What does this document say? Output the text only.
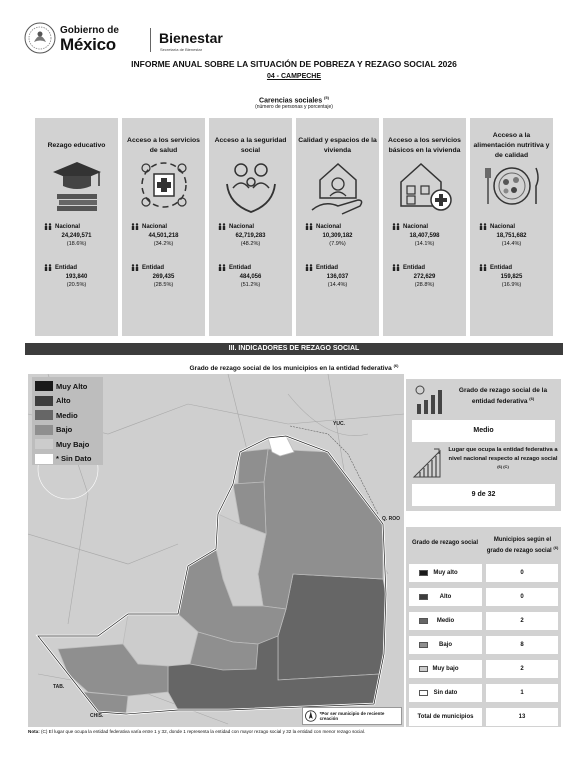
Gobierno de
México	Bienestar
Secretaría de Bienestar
INFORME ANUAL SOBRE LA SITUACIÓN DE POBREZA Y REZAGO SOCIAL 2026
04 - CAMPECHE
Carencias sociales $^{(5)}$
(número de personas y porcentaje)
Rezago educativo
Nacional
24,249,571
(18.6%)
Entidad
193,840
(20.5%)
Acceso a los servicios de salud
Nacional
44,501,218
(34.2%)
Entidad
269,435
(28.5%)
Acceso a la seguridad social
Nacional
62,719,283
(48.2%)
Entidad
484,056
(51.2%)
Calidad y espacios de la vivienda
Nacional
10,309,182
(7.9%)
Entidad
136,037
(14.4%)
Acceso a los servicios básicos en la vivienda
Nacional
18,407,598
(14.1%)
Entidad
272,629
(28.8%)
Acceso a la alimentación nutritiva y de calidad
Nacional
18,751,682
(14.4%)
Entidad
159,825
(16.9%)
III. INDICADORES DE REZAGO SOCIAL
Grado de rezago social de los municipios en la entidad federativa $^{(6)}$
YUC.
Q. ROO
TAB.
CHIS.
Muy Alto
Alto
Medio
Bajo
Muy Bajo
* Sin Dato
*Por ser municipio de reciente creación
Grado de rezago social de la entidad federativa $^{(6)}$
Medio
Lugar que ocupa la entidad federativa a nivel nacional respecto al rezago social $^{(6) (C)}$
9 de 32
Grado de rezago social	Municipios según el grado de rezago social $^{(6)}$
Muy alto	0
Alto	0
Medio	2
Bajo	8
Muy bajo	2
Sin dato	1
Total de municipios	13
Nota: (C) El lugar que ocupa la entidad federativa varía entre 1 y 32, donde 1 representa la entidad con mayor rezago social y 32 la entidad con menor rezago social.
